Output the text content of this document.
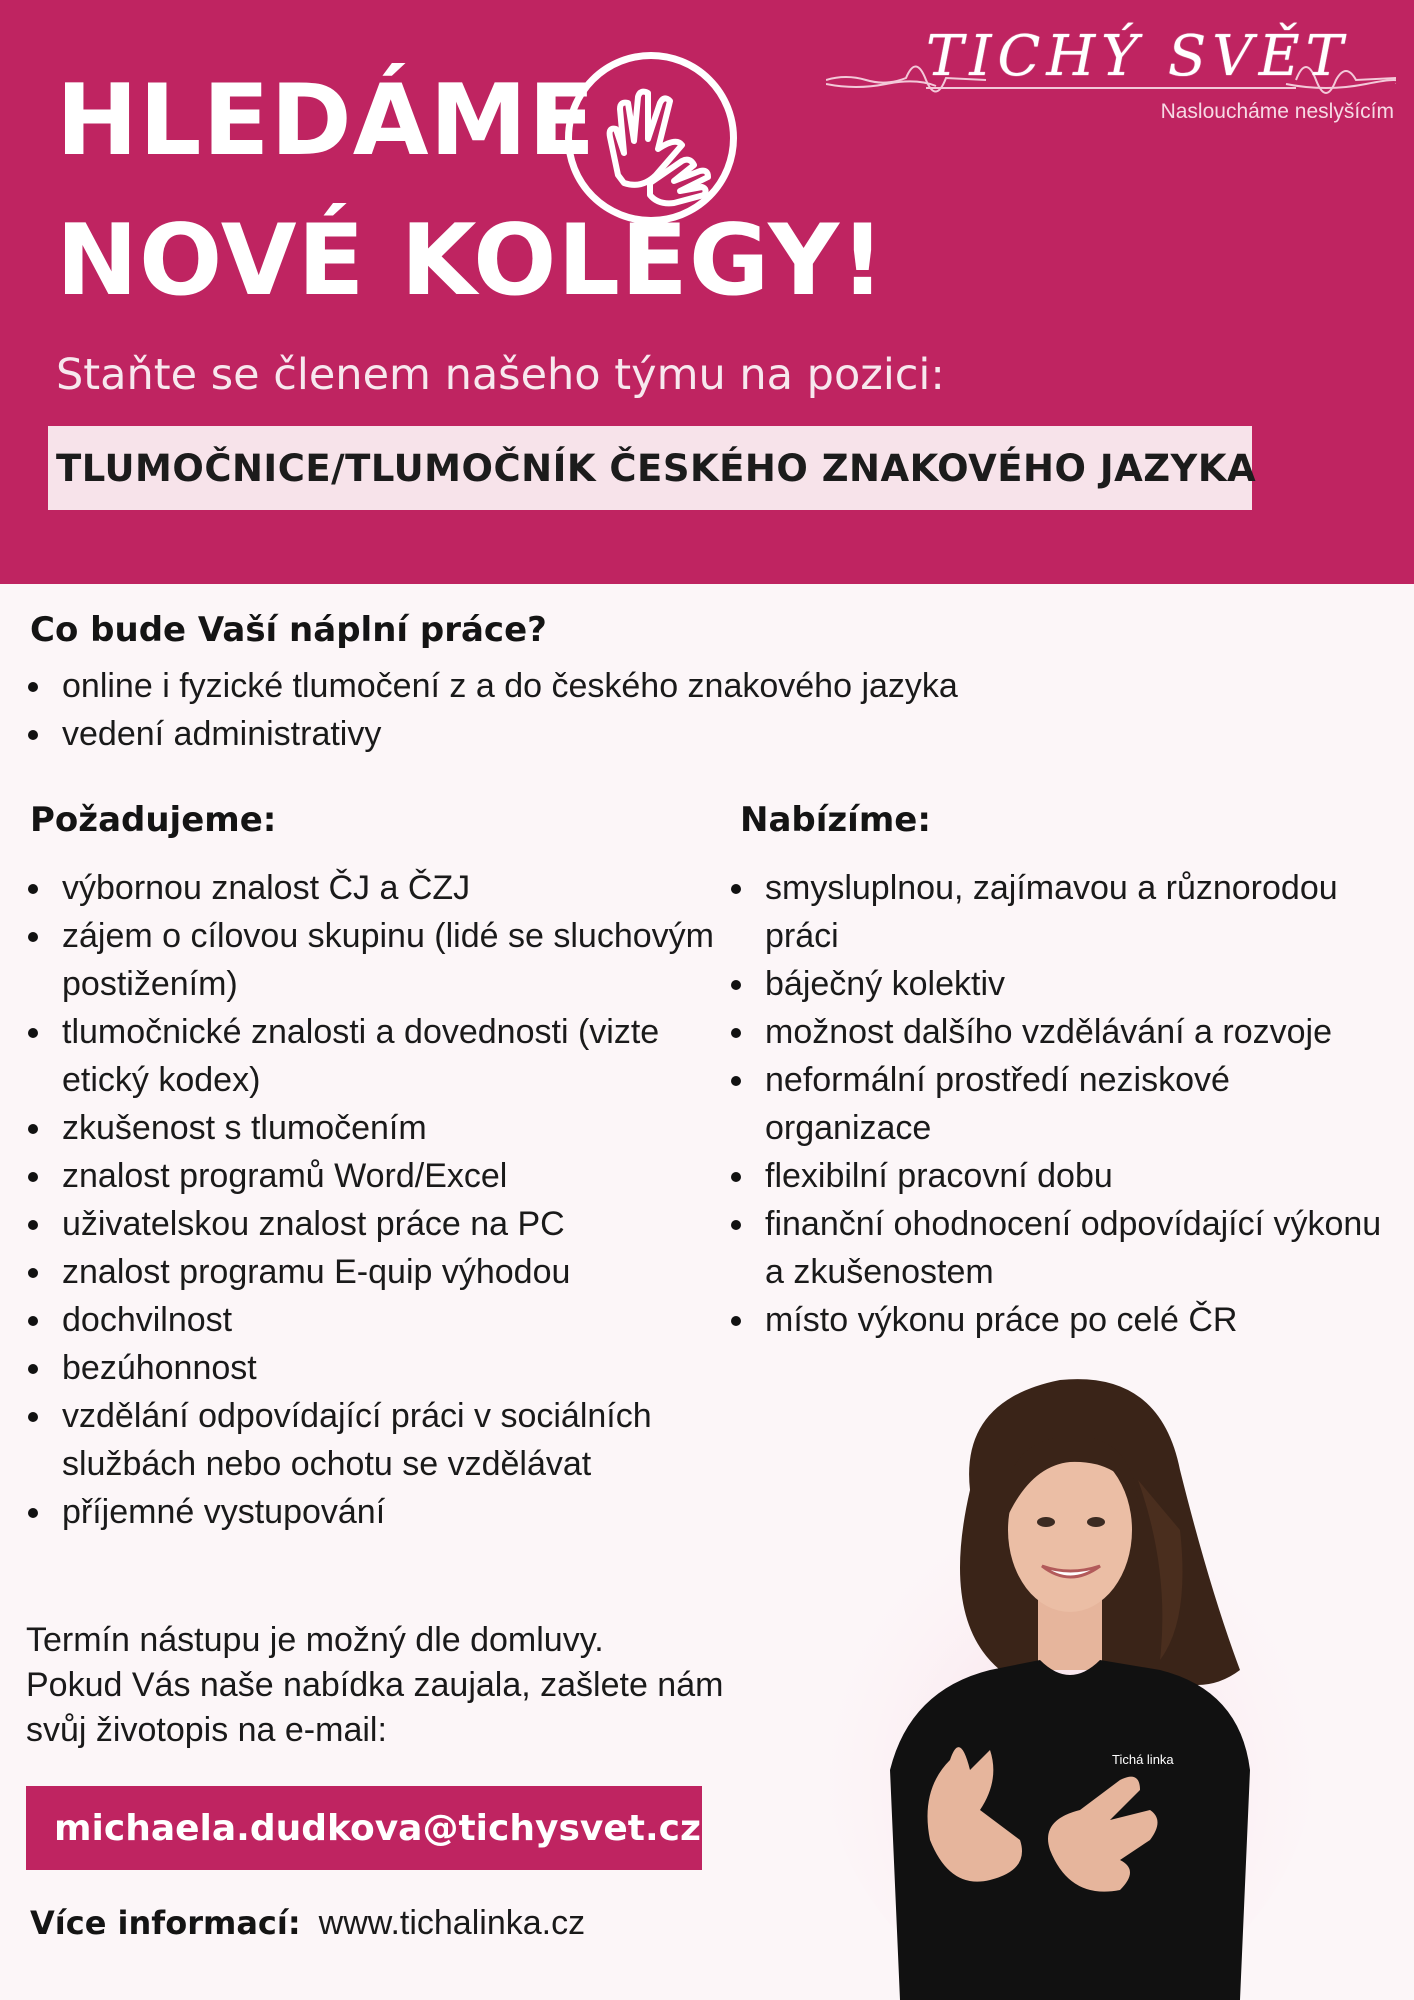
HLEDÁME
NOVÉ KOLEGY!
TICHÝ SVĚT
Nasloucháme neslyšícím
Staňte se členem našeho týmu na pozici:
TLUMOČNICE/TLUMOČNÍK ČESKÉHO ZNAKOVÉHO JAZYKA
Co bude Vaší náplní práce?
online i fyzické tlumočení z a do českého znakového jazyka
vedení administrativy
Požadujeme:
výbornou znalost ČJ a ČZJ
zájem o cílovou skupinu (lidé se sluchovým postižením)
tlumočnické znalosti a dovednosti (vizte etický kodex)
zkušenost s tlumočením
znalost programů Word/Excel
uživatelskou znalost práce na PC
znalost programu E-quip výhodou
dochvilnost
bezúhonnost
vzdělání odpovídající práci v sociálních službách nebo ochotu se vzdělávat
příjemné vystupování
Nabízíme:
smysluplnou, zajímavou a různorodou práci
báječný kolektiv
možnost dalšího vzdělávání a rozvoje
neformální prostředí neziskové organizace
flexibilní pracovní dobu
finanční ohodnocení odpovídající výkonu a zkušenostem
místo výkonu práce po celé ČR
Termín nástupu je možný dle domluvy.
Pokud Vás naše nabídka zaujala, zašlete nám
svůj životopis na e-mail:
michaela.dudkova@tichysvet.cz
Více informací: www.tichalinka.cz
Tichá linka
